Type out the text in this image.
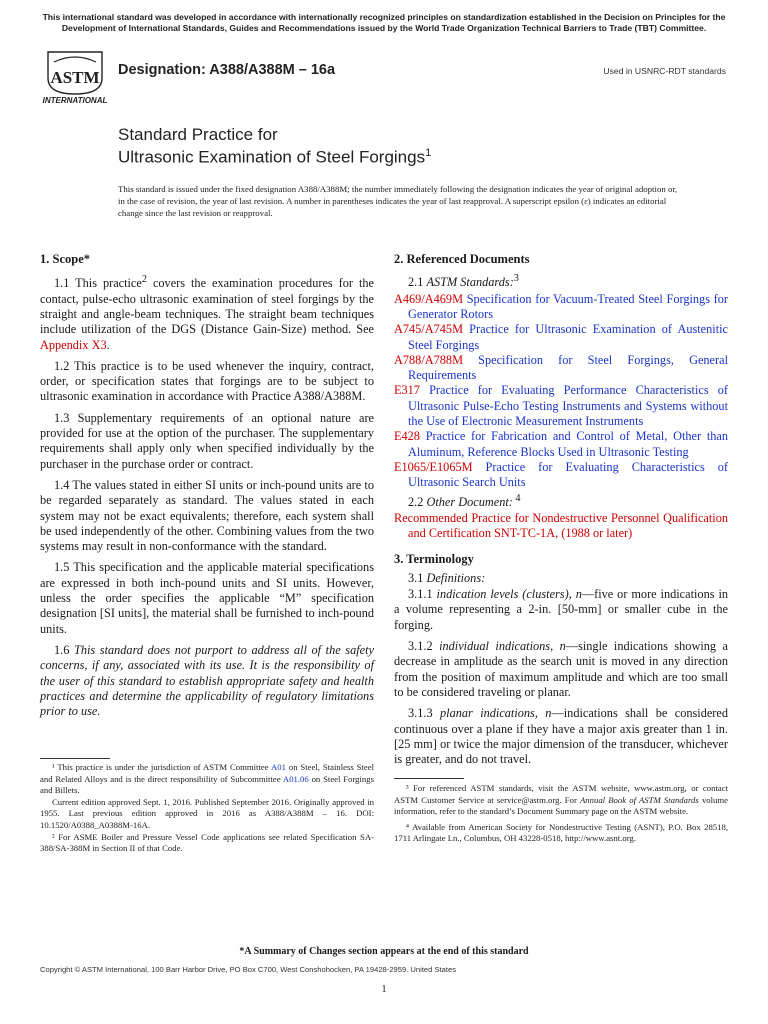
This international standard was developed in accordance with internationally recognized principles on standardization established in the Decision on Principles for the Development of International Standards, Guides and Recommendations issued by the World Trade Organization Technical Barriers to Trade (TBT) Committee.
ASTM
INTERNATIONAL
Designation: A388/A388M – 16a	Used in USNRC-RDT standards
Standard Practice for
Ultrasonic Examination of Steel Forgings$^1$
This standard is issued under the fixed designation A388/A388M; the number immediately following the designation indicates the year of original adoption or, in the case of revision, the year of last revision. A number in parentheses indicates the year of last reapproval. A superscript epsilon (ε) indicates an editorial change since the last revision or reapproval.
1. Scope*

1.1 This practice$^2$ covers the examination procedures for the contact, pulse-echo ultrasonic examination of steel forgings by the straight and angle-beam techniques. The straight beam techniques include utilization of the DGS (Distance Gain-Size) method. See Appendix X3.

1.2 This practice is to be used whenever the inquiry, contract, order, or specification states that forgings are to be subject to ultrasonic examination in accordance with Practice A388/A388M.

1.3 Supplementary requirements of an optional nature are provided for use at the option of the purchaser. The supplementary requirements shall apply only when specified individually by the purchaser in the purchase order or contract.

1.4 The values stated in either SI units or inch-pound units are to be regarded separately as standard. The values stated in each system may not be exact equivalents; therefore, each system shall be used independently of the other. Combining values from the two systems may result in non-conformance with the standard.

1.5 This specification and the applicable material specifications are expressed in both inch-pound units and SI units. However, unless the order specifies the applicable “M” specification designation [SI units], the material shall be furnished to inch-pound units.

1.6 This standard does not purport to address all of the safety concerns, if any, associated with its use. It is the responsibility of the user of this standard to establish appropriate safety and health practices and determine the applicability of regulatory limitations prior to use.

2. Referenced Documents
2.1 ASTM Standards:$^3$
A469/A469M Specification for Vacuum-Treated Steel Forgings for Generator Rotors
A745/A745M Practice for Ultrasonic Examination of Austenitic Steel Forgings
A788/A788M Specification for Steel Forgings, General Requirements
E317 Practice for Evaluating Performance Characteristics of Ultrasonic Pulse-Echo Testing Instruments and Systems without the Use of Electronic Measurement Instruments
E428 Practice for Fabrication and Control of Metal, Other than Aluminum, Reference Blocks Used in Ultrasonic Testing
E1065/E1065M Practice for Evaluating Characteristics of Ultrasonic Search Units
2.2 Other Document: $^4$
Recommended Practice for Nondestructive Personnel Qualification and Certification SNT-TC-1A, (1988 or later)
3. Terminology
3.1 Definitions:

3.1.1 indication levels (clusters), n—five or more indications in a volume representing a 2-in. [50-mm] or smaller cube in the forging.

3.1.2 individual indications, n—single indications showing a decrease in amplitude as the search unit is moved in any direction from the position of maximum amplitude and which are too small to be considered traveling or planar.

3.1.3 planar indications, n—indications shall be considered continuous over a plane if they have a major axis greater than 1 in. [25 mm] or twice the major dimension of the transducer, whichever is greater, and do not travel.

¹ This practice is under the jurisdiction of ASTM Committee A01 on Steel, Stainless Steel and Related Alloys and is the direct responsibility of Subcommittee A01.06 on Steel Forgings and Billets.

Current edition approved Sept. 1, 2016. Published September 2016. Originally approved in 1955. Last previous edition approved in 2016 as A388/A388M – 16. DOI: 10.1520/A0388_A0388M-16A.

² For ASME Boiler and Pressure Vessel Code applications see related Specification SA-388/SA-388M in Section II of that Code.

³ For referenced ASTM standards, visit the ASTM website, www.astm.org, or contact ASTM Customer Service at service@astm.org. For Annual Book of ASTM Standards volume information, refer to the standard’s Document Summary page on the ASTM website.

⁴ Available from American Society for Nondestructive Testing (ASNT), P.O. Box 28518, 1711 Arlingate Ln., Columbus, OH 43228-0518, http://www.asnt.org.

*A Summary of Changes section appears at the end of this standard
Copyright © ASTM International, 100 Barr Harbor Drive, PO Box C700, West Conshohocken, PA 19428-2959. United States
1
